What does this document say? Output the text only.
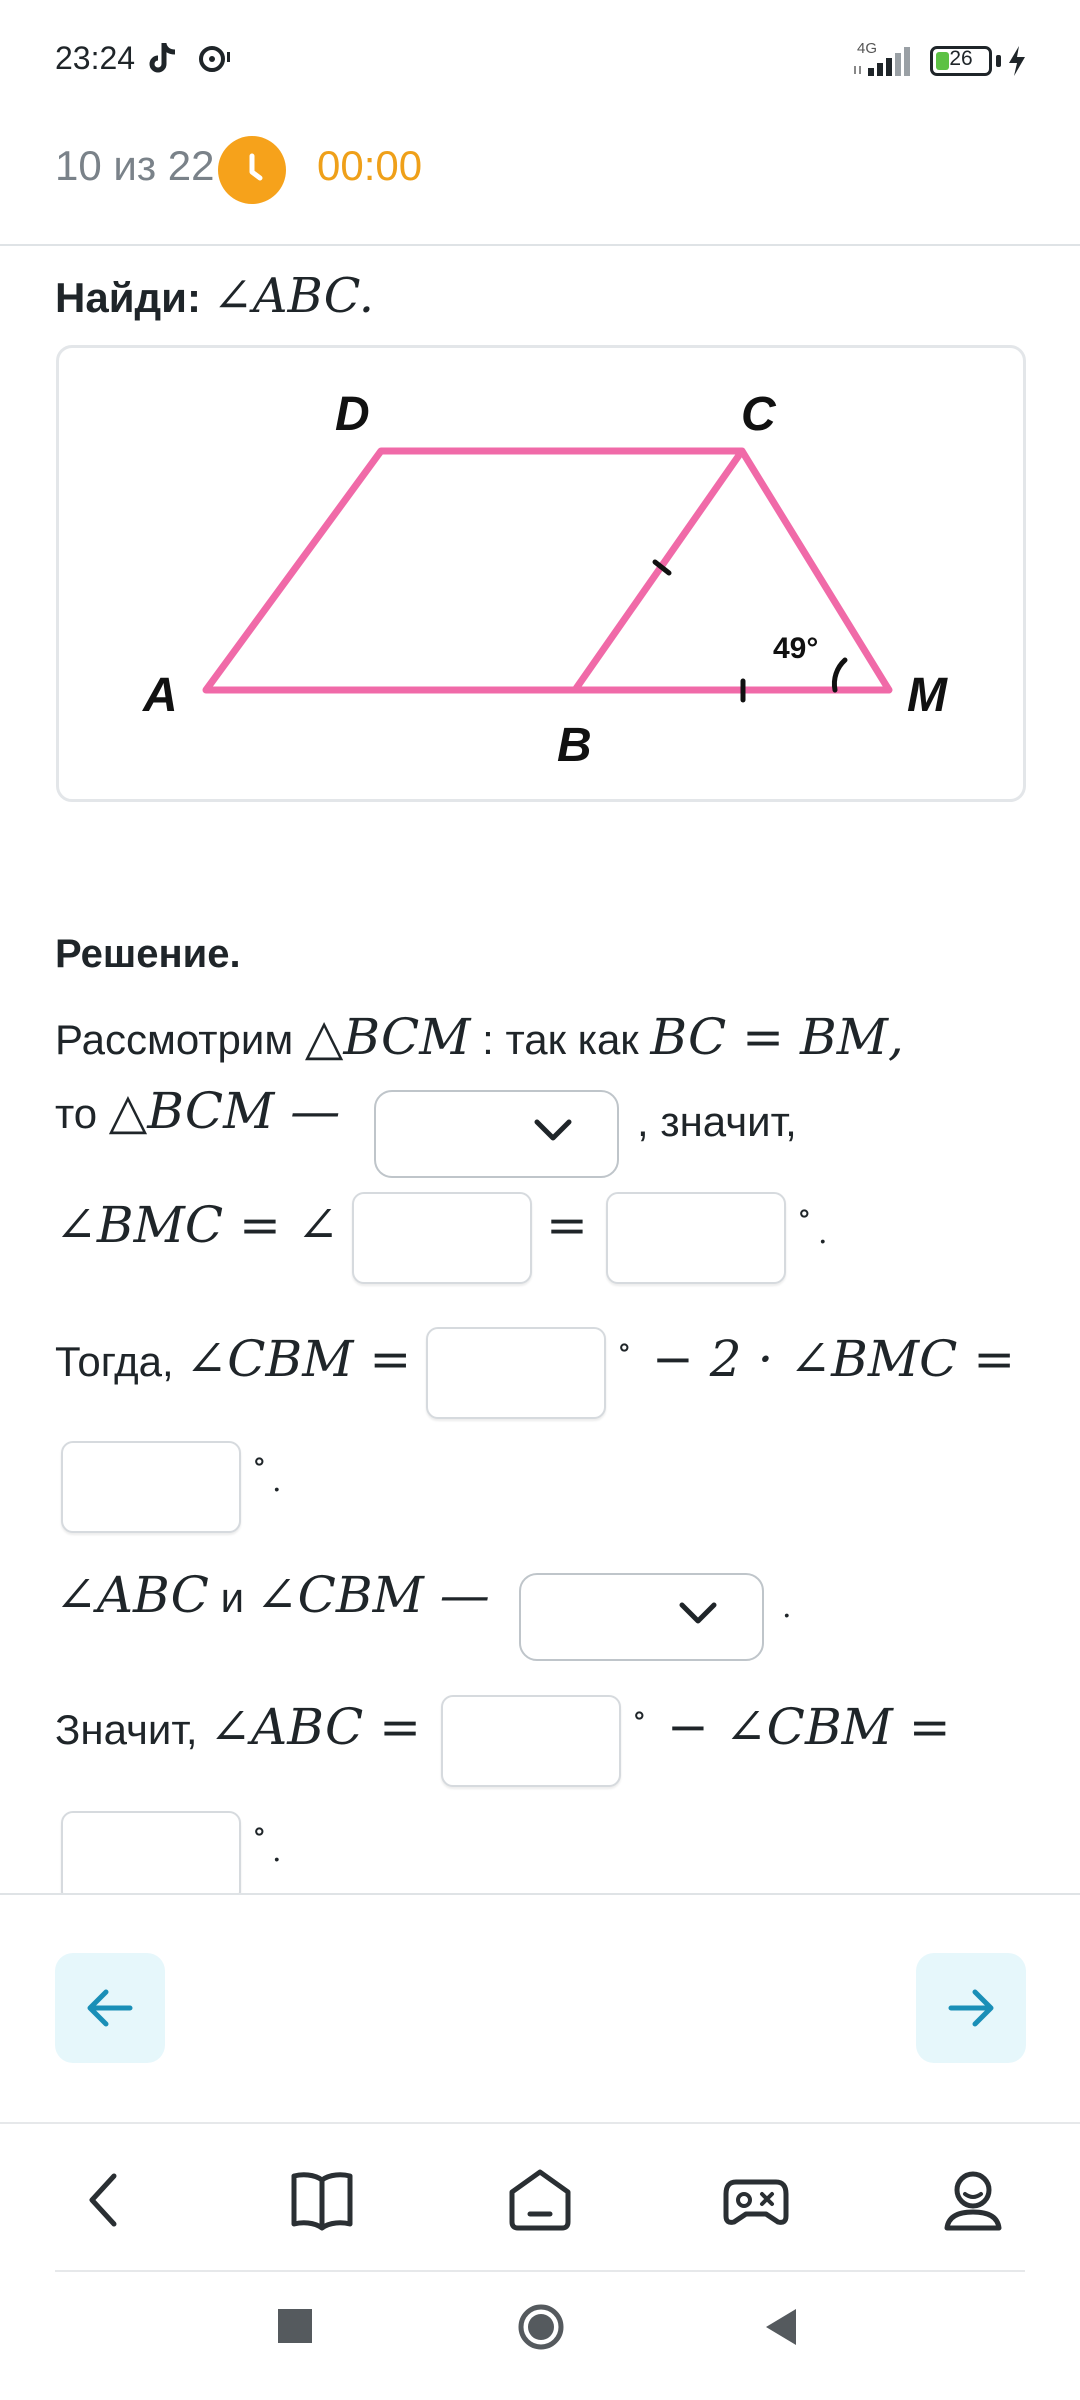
23:24	4G	26
10 из 22 00:00
Найди: ∠ABC.
A
B
M
C
D
49°
Решение.
Рассмотрим △BCM : так как BC = BM,
то △BCM —	, значит,
∠BMC = ∠	=	∘
.
Тогда, ∠CBM =	∘ − 2 · ∠BMC =
∘
.
∠ABC и ∠CBM —	.
Значит, ∠ABC =	∘ − ∠CBM =
∘
.
